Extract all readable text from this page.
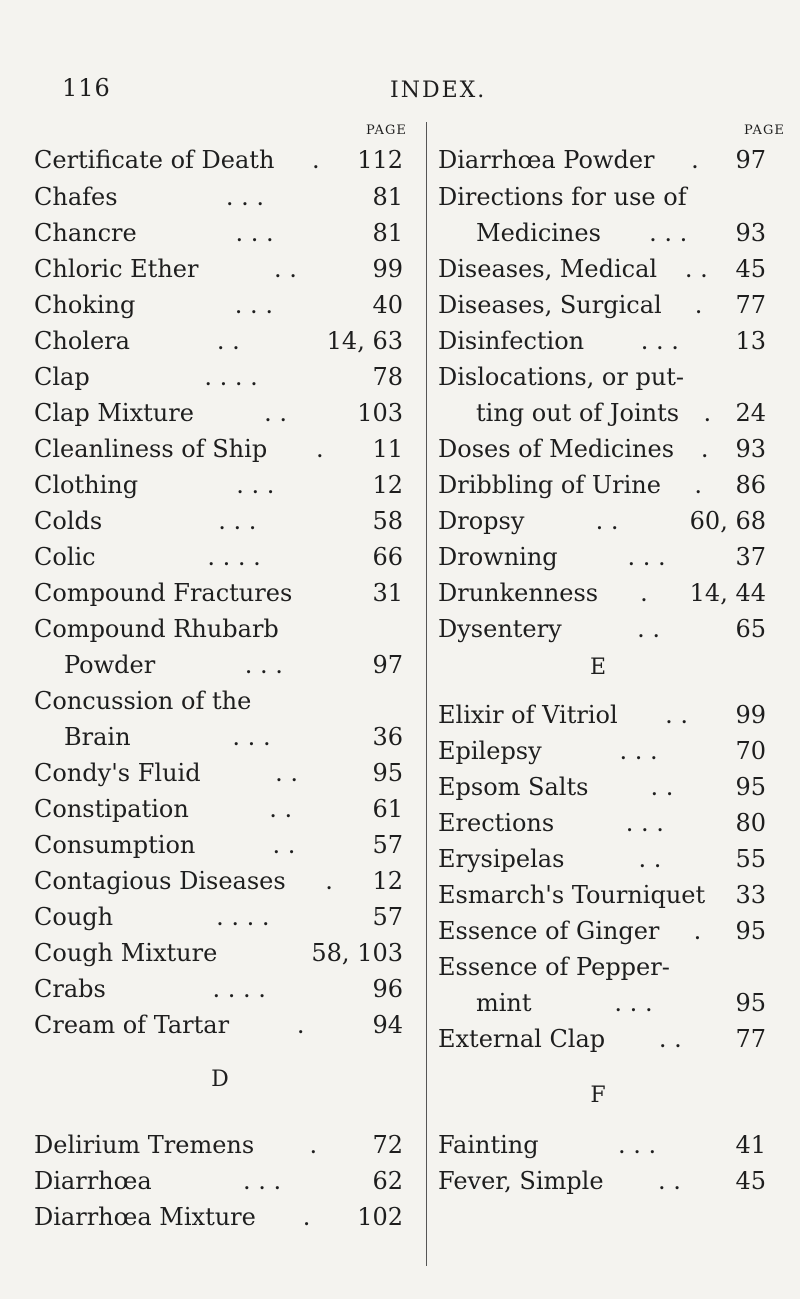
116	INDEX.
PAGE	PAGE
Certificate of Death . 112
Chafes	. . .	81
Chancre	. . .	81
Chloric Ether	. .	99
Choking	. . .	40
Cholera	. .	14, 63
Clap	. . . .	78
Clap Mixture	. .	103
Cleanliness of Ship . 11
Clothing	. . .	12
Colds	. . .	58
Colic	. . . .	66
Compound Fractures	31
Compound Rhubarb
Powder	. . .	97
Concussion of the
Brain	. . .	36
Condy's Fluid	. .	95
Constipation	. .	61
Consumption	. .	57
Contagious Diseases . 12
Cough	. . . .	57
Cough Mixture	58, 103
Crabs	. . . .	96
Cream of Tartar	.	94
D
Delirium Tremens . 72
Diarrhœa	. . .	62
Diarrhœa Mixture . 102
Diarrhœa Powder . 97
Directions for use of
Medicines . . . 93
Diseases, Medical . . 45
Diseases, Surgical . 77
Disinfection . . . 13
Dislocations, or put-
ting out of Joints . 24
Doses of Medicines . 93
Dribbling of Urine . 86
Dropsy	. .	60, 68
Drowning	. . .	37
Drunkenness . 14, 44
Dysentery	. .	65
E
Elixir of Vitriol . . 99
Epilepsy	. . .	70
Epsom Salts	. .	95
Erections	. . .	80
Erysipelas	. .	55
Esmarch's Tourniquet 33
Essence of Ginger . 95
Essence of Pepper-
mint	. . .	95
External Clap . . 77
F
Fainting	. . .	41
Fever, Simple . . 45
